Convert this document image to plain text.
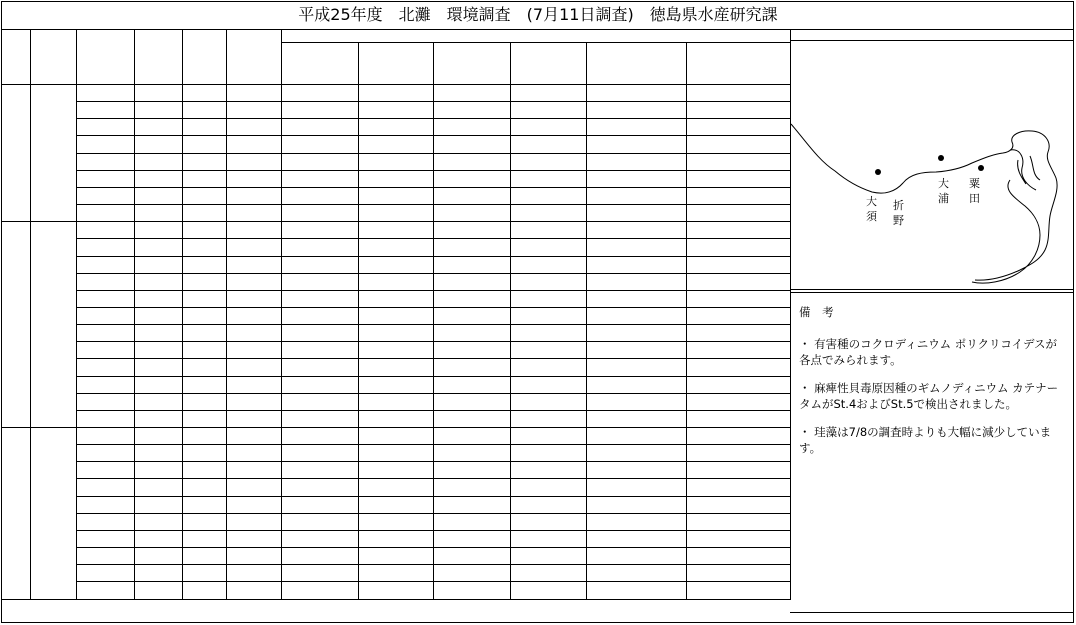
平成25年度　北灘　環境調査　(7月11日調査)　徳島県水産研究課
大
須
折
野
大
浦
粟
田

備 考

・ 有害種のコクロディニウム ポリクリコイデスが各点でみられます。

・ 麻痺性貝毒原因種のギムノディニウム カテナータムがSt.4およびSt.5で検出されました。

・ 珪藻は7/8の調査時よりも大幅に減少しています。
